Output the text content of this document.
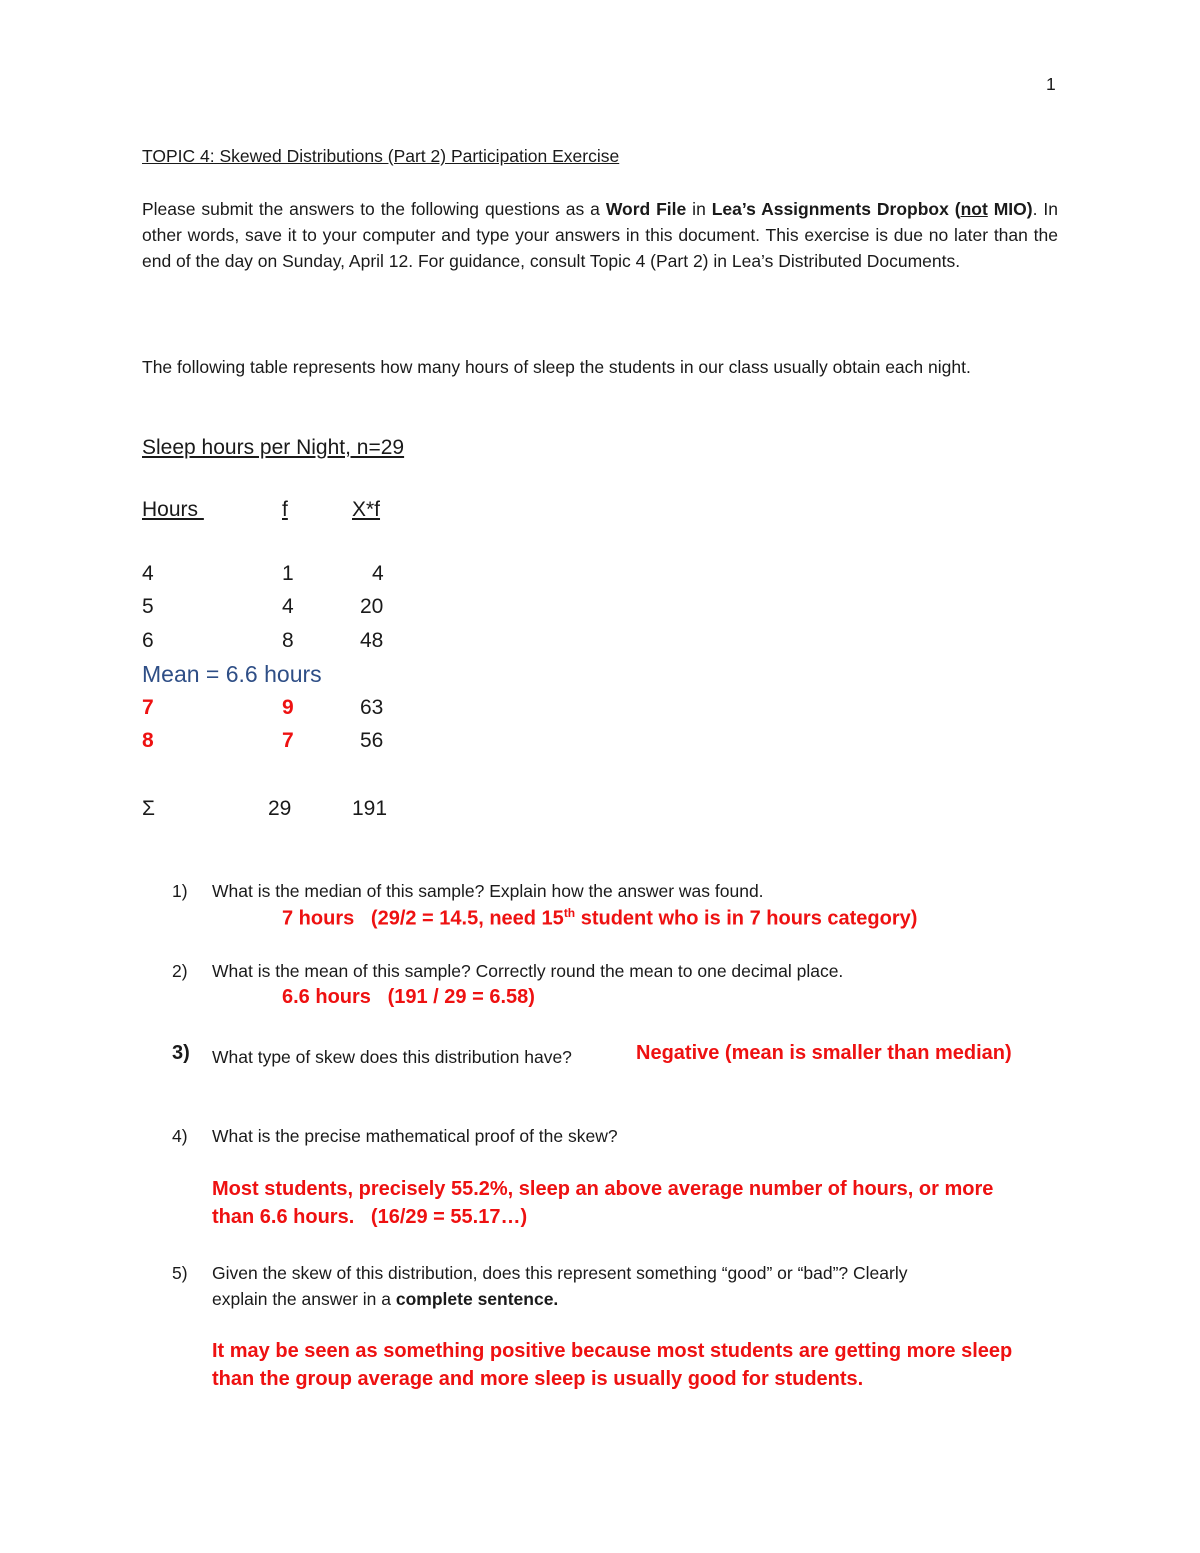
1
TOPIC 4: Skewed Distributions (Part 2) Participation Exercise

Please submit the answers to the following questions as a Word File in Lea’s Assignments Dropbox (not MIO). In other words, save it to your computer and type your answers in this document. This exercise is due no later than the end of the day on Sunday, April 12. For guidance, consult Topic 4 (Part 2) in Lea’s Distributed Documents.

The following table represents how many hours of sleep the students in our class usually obtain each night.

Sleep hours per Night, n=29
Hours	f	X*f
4	1	4
5	4	20
6	8	48
Mean = 6.6 hours
7	9	63
8	7	56
Σ	29	191
1) What is the median of this sample? Explain how the answer was found.
7 hours   (29/2 = 14.5, need 15th student who is in 7 hours category)
2) What is the mean of this sample? Correctly round the mean to one decimal place.
6.6 hours   (191 / 29 = 6.58)
3) What type of skew does this distribution have?	Negative (mean is smaller than median)
4) What is the precise mathematical proof of the skew?
Most students, precisely 55.2%, sleep an above average number of hours, or more
than 6.6 hours.   (16/29 = 55.17…)
5) Given the skew of this distribution, does this represent something “good” or “bad”? Clearly
explain the answer in a complete sentence.
It may be seen as something positive because most students are getting more sleep
than the group average and more sleep is usually good for students.
